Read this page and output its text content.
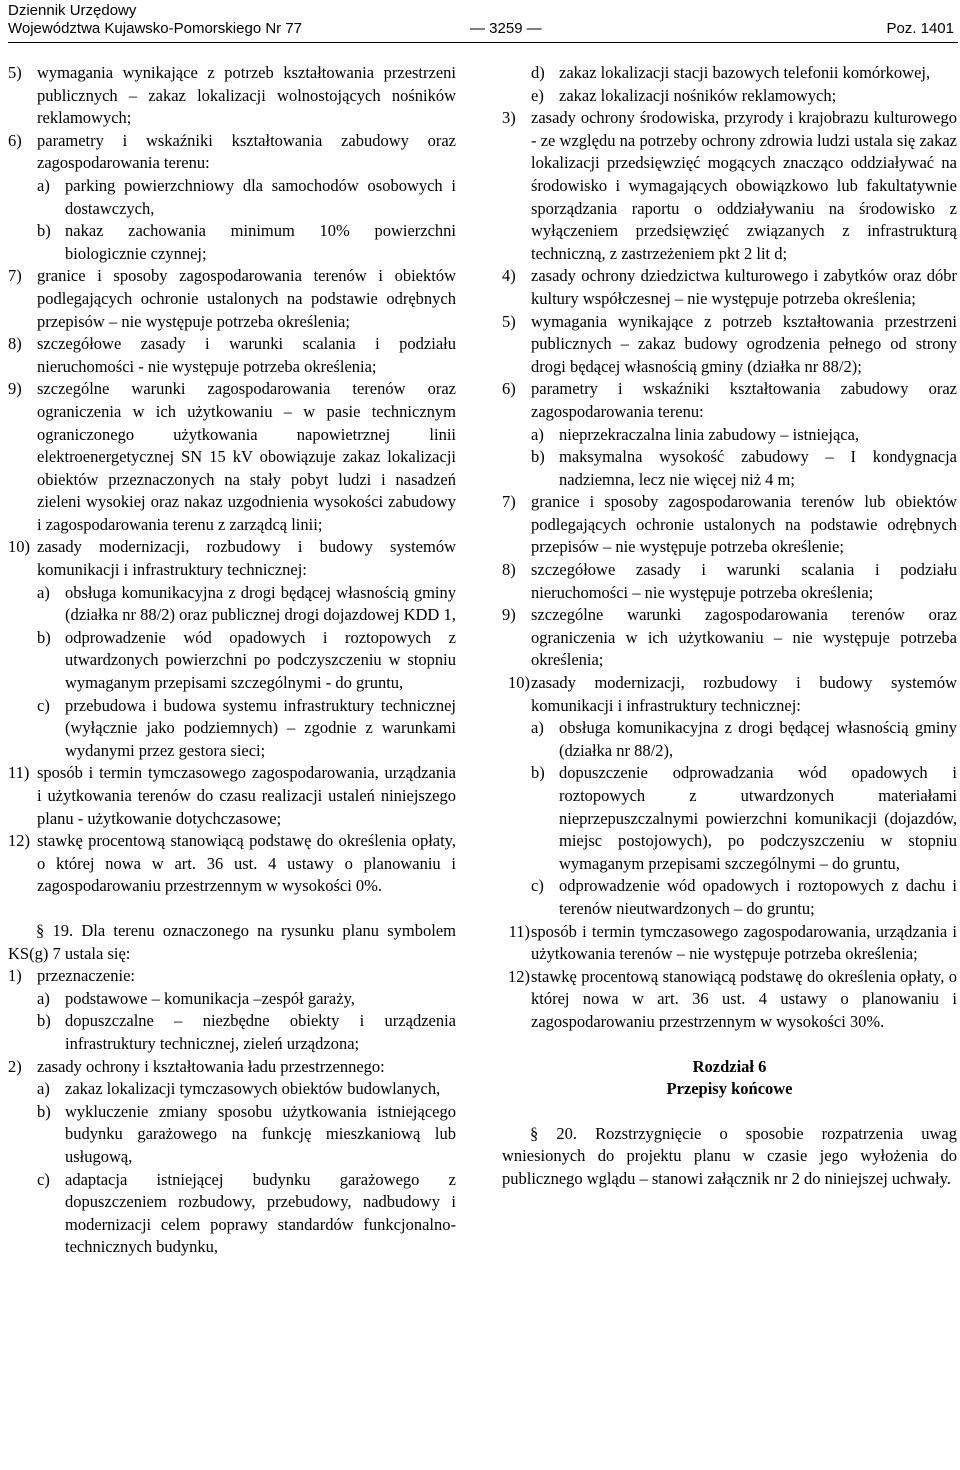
Dziennik Urzędowy
Województwa Kujawsko-Pomorskiego Nr 77	— 3259 —	Poz. 1401
5) wymagania wynikające z potrzeb kształtowania przestrzeni publicznych – zakaz lokalizacji wolnostojących nośników reklamowych;
6) parametry i wskaźniki kształtowania zabudowy oraz zagospodarowania terenu:
a) parking powierzchniowy dla samochodów osobowych i dostawczych,
b) nakaz zachowania minimum 10% powierzchni biologicznie czynnej;
7) granice i sposoby zagospodarowania terenów i obiektów podlegających ochronie ustalonych na podstawie odrębnych przepisów – nie występuje potrzeba określenia;
8) szczegółowe zasady i warunki scalania i podziału nieruchomości - nie występuje potrzeba określenia;
9) szczególne warunki zagospodarowania terenów oraz ograniczenia w ich użytkowaniu – w pasie technicznym ograniczonego użytkowania napowietrznej linii elektroenergetycznej SN 15 kV obowiązuje zakaz lokalizacji obiektów przeznaczonych na stały pobyt ludzi i nasadzeń zieleni wysokiej oraz nakaz uzgodnienia wysokości zabudowy i zagospodarowania terenu z zarządcą linii;
10) zasady modernizacji, rozbudowy i budowy systemów komunikacji i infrastruktury technicznej:
a) obsługa komunikacyjna z drogi będącej własnością gminy (działka nr 88/2) oraz publicznej drogi dojazdowej KDD 1,
b) odprowadzenie wód opadowych i roztopowych z utwardzonych powierzchni po podczyszczeniu w stopniu wymaganym przepisami szczególnymi - do gruntu,
c) przebudowa i budowa systemu infrastruktury technicznej (wyłącznie jako podziemnych) – zgodnie z warunkami wydanymi przez gestora sieci;
11) sposób i termin tymczasowego zagospodarowania, urządzania i użytkowania terenów do czasu realizacji ustaleń niniejszego planu - użytkowanie dotychczasowe;
12) stawkę procentową stanowiącą podstawę do określenia opłaty, o której nowa w art. 36 ust. 4 ustawy o planowaniu i zagospodarowaniu przestrzennym w wysokości 0%.
§ 19. Dla terenu oznaczonego na rysunku planu symbolem KS(g) 7 ustala się:
1) przeznaczenie:
a) podstawowe – komunikacja –zespół garaży,
b) dopuszczalne – niezbędne obiekty i urządzenia infrastruktury technicznej, zieleń urządzona;
2) zasady ochrony i kształtowania ładu przestrzennego:
a) zakaz lokalizacji tymczasowych obiektów budowlanych,
b) wykluczenie zmiany sposobu użytkowania istniejącego budynku garażowego na funkcję mieszkaniową lub usługową,
c) adaptacja istniejącej budynku garażowego z dopuszczeniem rozbudowy, przebudowy, nadbudowy i modernizacji celem poprawy standardów funkcjonalno-technicznych budynku,
d) zakaz lokalizacji stacji bazowych telefonii komórkowej,
e) zakaz lokalizacji nośników reklamowych;
3) zasady ochrony środowiska, przyrody i krajobrazu kulturowego - ze względu na potrzeby ochrony zdrowia ludzi ustala się zakaz lokalizacji przedsięwzięć mogących znacząco oddziaływać na środowisko i wymagających obowiązkowo lub fakultatywnie sporządzania raportu o oddziaływaniu na środowisko z wyłączeniem przedsięwzięć związanych z infrastrukturą techniczną, z zastrzeżeniem pkt 2 lit d;
4) zasady ochrony dziedzictwa kulturowego i zabytków oraz dóbr kultury współczesnej – nie występuje potrzeba określenia;
5) wymagania wynikające z potrzeb kształtowania przestrzeni publicznych – zakaz budowy ogrodzenia pełnego od strony drogi będącej własnością gminy (działka nr 88/2);
6) parametry i wskaźniki kształtowania zabudowy oraz zagospodarowania terenu:
a) nieprzekraczalna linia zabudowy – istniejąca,
b) maksymalna wysokość zabudowy – I kondygnacja nadziemna, lecz nie więcej niż 4 m;
7) granice i sposoby zagospodarowania terenów lub obiektów podlegających ochronie ustalonych na podstawie odrębnych przepisów – nie występuje potrzeba określenie;
8) szczegółowe zasady i warunki scalania i podziału nieruchomości – nie występuje potrzeba określenia;
9) szczególne warunki zagospodarowania terenów oraz ograniczenia w ich użytkowaniu – nie występuje potrzeba określenia;
10) zasady modernizacji, rozbudowy i budowy systemów komunikacji i infrastruktury technicznej:
a) obsługa komunikacyjna z drogi będącej własnością gminy (działka nr 88/2),
b) dopuszczenie odprowadzania wód opadowych i roztopowych z utwardzonych materiałami nieprzepuszczalnymi powierzchni komunikacji (dojazdów, miejsc postojowych), po podczyszczeniu w stopniu wymaganym przepisami szczególnymi – do gruntu,
c) odprowadzenie wód opadowych i roztopowych z dachu i terenów nieutwardzonych – do gruntu;
11) sposób i termin tymczasowego zagospodarowania, urządzania i użytkowania terenów – nie występuje potrzeba określenia;
12) stawkę procentową stanowiącą podstawę do określenia opłaty, o której nowa w art. 36 ust. 4 ustawy o planowaniu i zagospodarowaniu przestrzennym w wysokości 30%.
Rozdział 6
Przepisy końcowe
§ 20. Rozstrzygnięcie o sposobie rozpatrzenia uwag wniesionych do projektu planu w czasie jego wyłożenia do publicznego wglądu – stanowi załącznik nr 2 do niniejszej uchwały.
